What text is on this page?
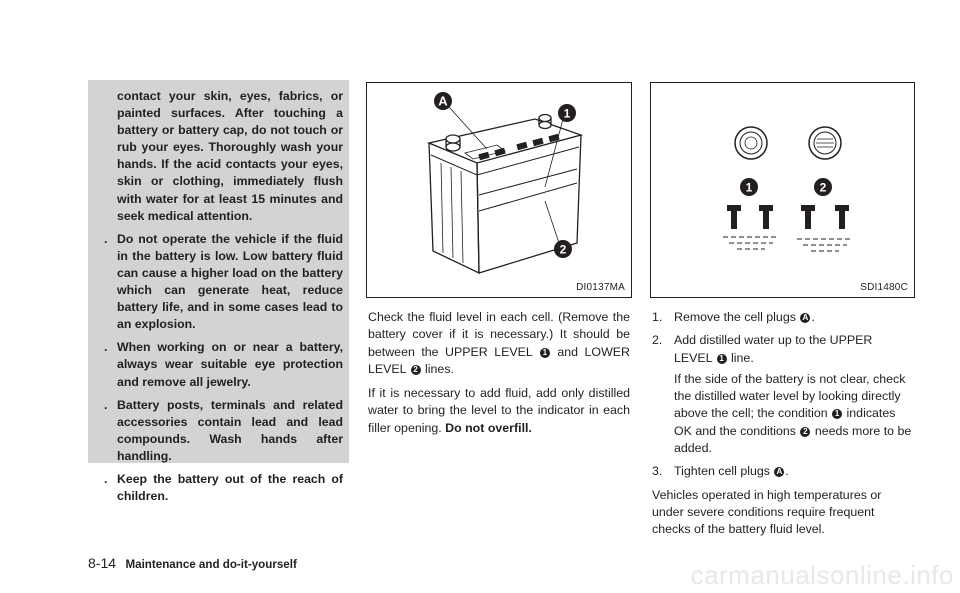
contact your skin, eyes, fabrics, or painted surfaces. After touching a battery or battery cap, do not touch or rub your eyes. Thoroughly wash your hands. If the acid contacts your eyes, skin or clothing, immediately flush with water for at least 15 minutes and seek medical attention.

. Do not operate the vehicle if the fluid in the battery is low. Low battery fluid can cause a higher load on the battery which can generate heat, reduce battery life, and in some cases lead to an explosion.

. When working on or near a battery, always wear suitable eye protection and remove all jewelry.

. Battery posts, terminals and related accessories contain lead and lead compounds. Wash hands after handling.

. Keep the battery out of the reach of children.

A
1
2
DI0137MA
1	2
SDI1480C

Check the fluid level in each cell. (Remove the battery cover if it is necessary.) It should be between the UPPER LEVEL 1 and LOWER LEVEL 2 lines.

If it is necessary to add fluid, add only distilled water to bring the level to the indicator in each filler opening. Do not overfill.

1. Remove the cell plugs A .

2. Add distilled water up to the UPPER LEVEL 1 line.

If the side of the battery is not clear, check the distilled water level by looking directly above the cell; the condition 1 indicates OK and the conditions 2 needs more to be added.

3. Tighten cell plugs A .

Vehicles operated in high temperatures or under severe conditions require frequent checks of the battery fluid level.

8-14 Maintenance and do-it-yourself	carmanualsonline.info
